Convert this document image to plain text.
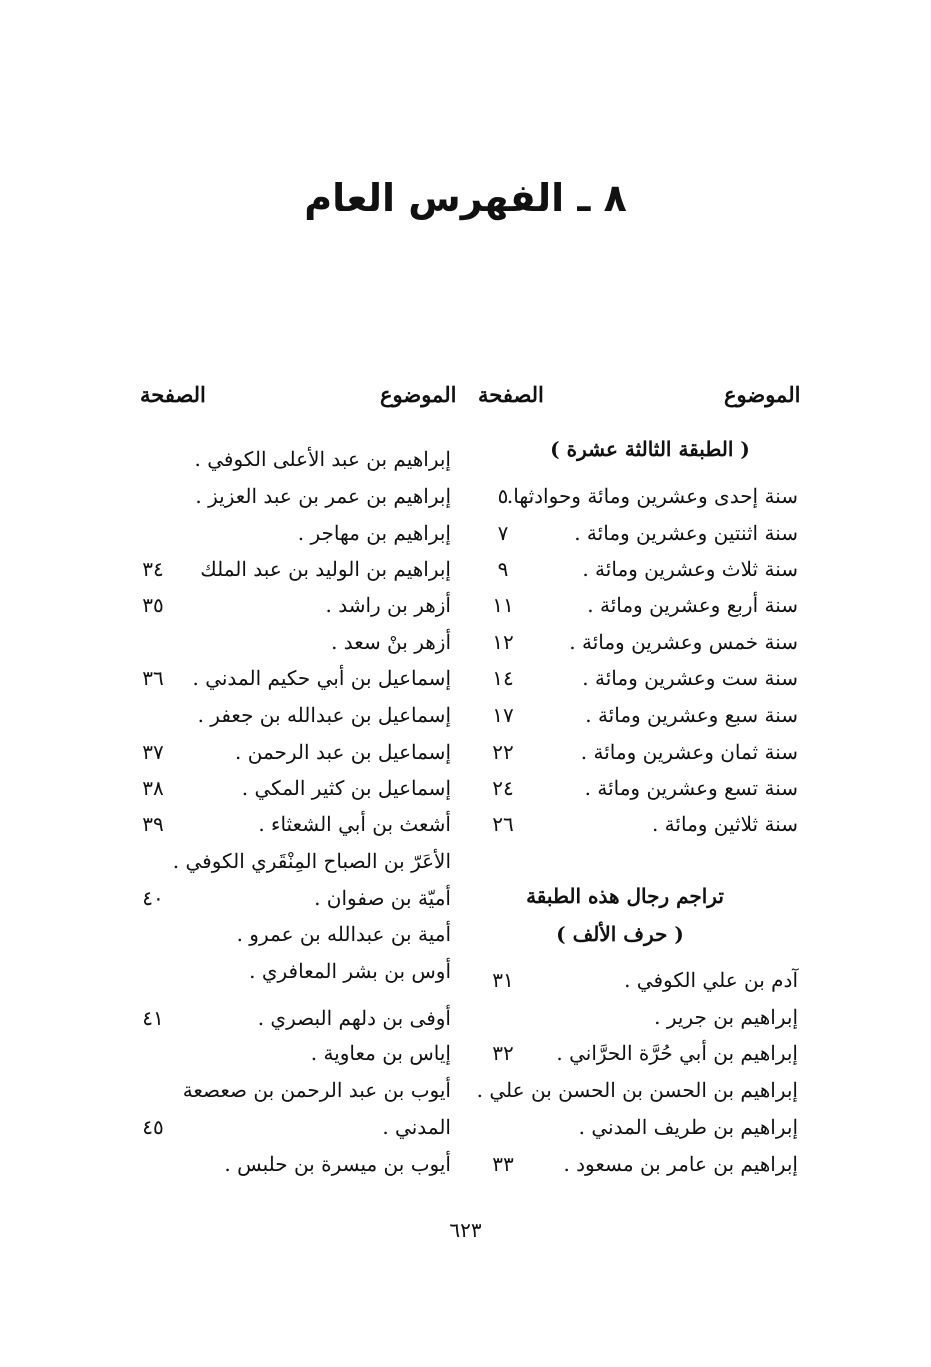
٨ ـ الفهرس العام
الموضوع
الصفحة
الموضوع
الصفحة
( الطبقة الثالثة عشرة )
سنة إحدى وعشرين ومائة وحوادثها.
٥
سنة اثنتين وعشرين ومائة .
٧
سنة ثلاث وعشرين ومائة .
٩
سنة أربع وعشرين ومائة .
١١
سنة خمس وعشرين ومائة .
١٢
سنة ست وعشرين ومائة .
١٤
سنة سبع وعشرين ومائة .
١٧
سنة ثمان وعشرين ومائة .
٢٢
سنة تسع وعشرين ومائة .
٢٤
سنة ثلاثين ومائة .
٢٦
تراجم رجال هذه الطبقة
( حرف الألف )
آدم بن علي الكوفي .
٣١
إبراهيم بن جرير .
إبراهيم بن أبي حُرَّة الحرَّاني .
٣٢
إبراهيم بن الحسن بن الحسن بن علي .
إبراهيم بن طريف المدني .
إبراهيم بن عامر بن مسعود .
٣٣
إبراهيم بن عبد الأعلى الكوفي .
إبراهيم بن عمر بن عبد العزيز .
إبراهيم بن مهاجر .
إبراهيم بن الوليد بن عبد الملك
٣٤
أزهر بن راشد .
٣٥
أزهر بنْ سعد .
إسماعيل بن أبي حكيم المدني .
٣٦
إسماعيل بن عبدالله بن جعفر .
إسماعيل بن عبد الرحمن .
٣٧
إسماعيل بن كثير المكي .
٣٨
أشعث بن أبي الشعثاء .
٣٩
الأعَرّ بن الصباح المِنْقَري الكوفي .
أميّة بن صفوان .
٤٠
أمية بن عبدالله بن عمرو .
أوس بن بشر المعافري .
أوفى بن دلهم البصري .
٤١
إياس بن معاوية .
أيوب بن عبد الرحمن بن صعصعة
المدني .
٤٥
أيوب بن ميسرة بن حلبس .
٦٢٣
